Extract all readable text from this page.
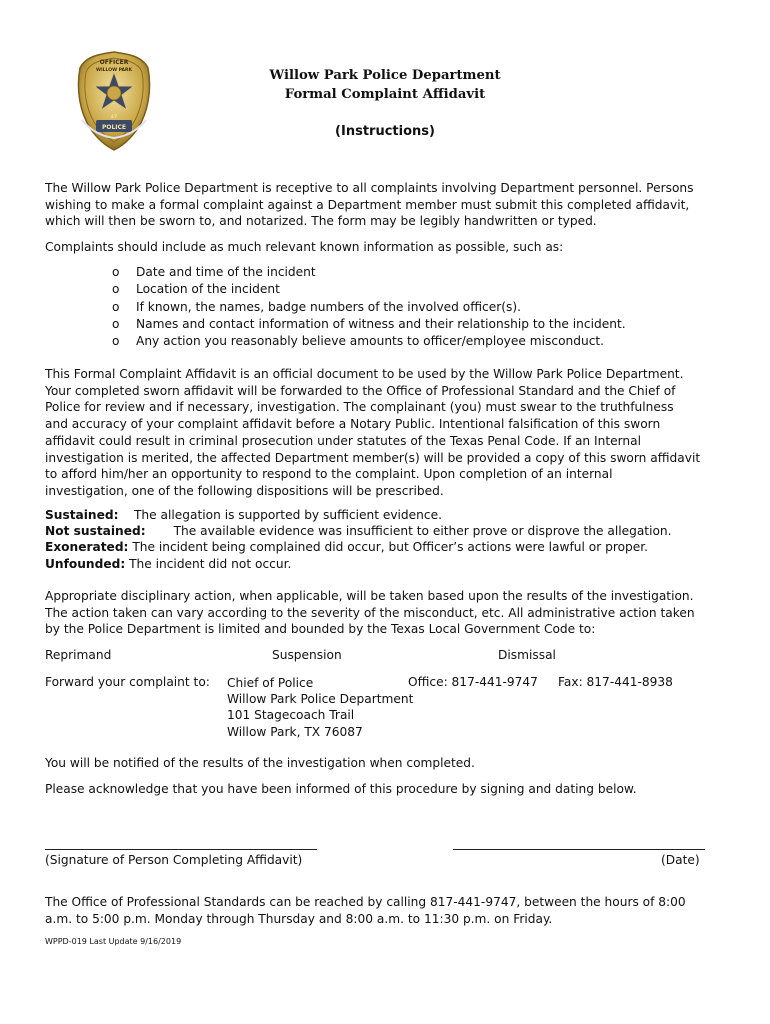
OFFICER
WILLOW PARK
47
POLICE
Willow Park Police Department
Formal Complaint Affidavit
(Instructions)
The Willow Park Police Department is receptive to all complaints involving Department personnel. Persons
wishing to make a formal complaint against a Department member must submit this completed affidavit,
which will then be sworn to, and notarized. The form may be legibly handwritten or typed.
Complaints should include as much relevant known information as possible, such as:
o Date and time of the incident
o Location of the incident
o If known, the names, badge numbers of the involved officer(s).
o Names and contact information of witness and their relationship to the incident.
o Any action you reasonably believe amounts to officer/employee misconduct.
This Formal Complaint Affidavit is an official document to be used by the Willow Park Police Department.
Your completed sworn affidavit will be forwarded to the Office of Professional Standard and the Chief of
Police for review and if necessary, investigation. The complainant (you) must swear to the truthfulness
and accuracy of your complaint affidavit before a Notary Public. Intentional falsification of this sworn
affidavit could result in criminal prosecution under statutes of the Texas Penal Code. If an Internal
investigation is merited, the affected Department member(s) will be provided a copy of this sworn affidavit
to afford him/her an opportunity to respond to the complaint. Upon completion of an internal
investigation, one of the following dispositions will be prescribed.
Sustained: The allegation is supported by sufficient evidence.
Not sustained: The available evidence was insufficient to either prove or disprove the allegation.
Exonerated: The incident being complained did occur, but Officer’s actions were lawful or proper.
Unfounded: The incident did not occur.
Appropriate disciplinary action, when applicable, will be taken based upon the results of the investigation.
The action taken can vary according to the severity of the misconduct, etc. All administrative action taken
by the Police Department is limited and bounded by the Texas Local Government Code to:
Reprimand	Suspension	Dismissal
Forward your complaint to: Chief of Police
Willow Park Police Department
101 Stagecoach Trail
Willow Park, TX 76087
Office: 817-441-9747 Fax: 817-441-8938
You will be notified of the results of the investigation when completed.
Please acknowledge that you have been informed of this procedure by signing and dating below.
(Signature of Person Completing Affidavit)	(Date)
The Office of Professional Standards can be reached by calling 817-441-9747, between the hours of 8:00
a.m. to 5:00 p.m. Monday through Thursday and 8:00 a.m. to 11:30 p.m. on Friday.
WPPD-019 Last Update 9/16/2019
